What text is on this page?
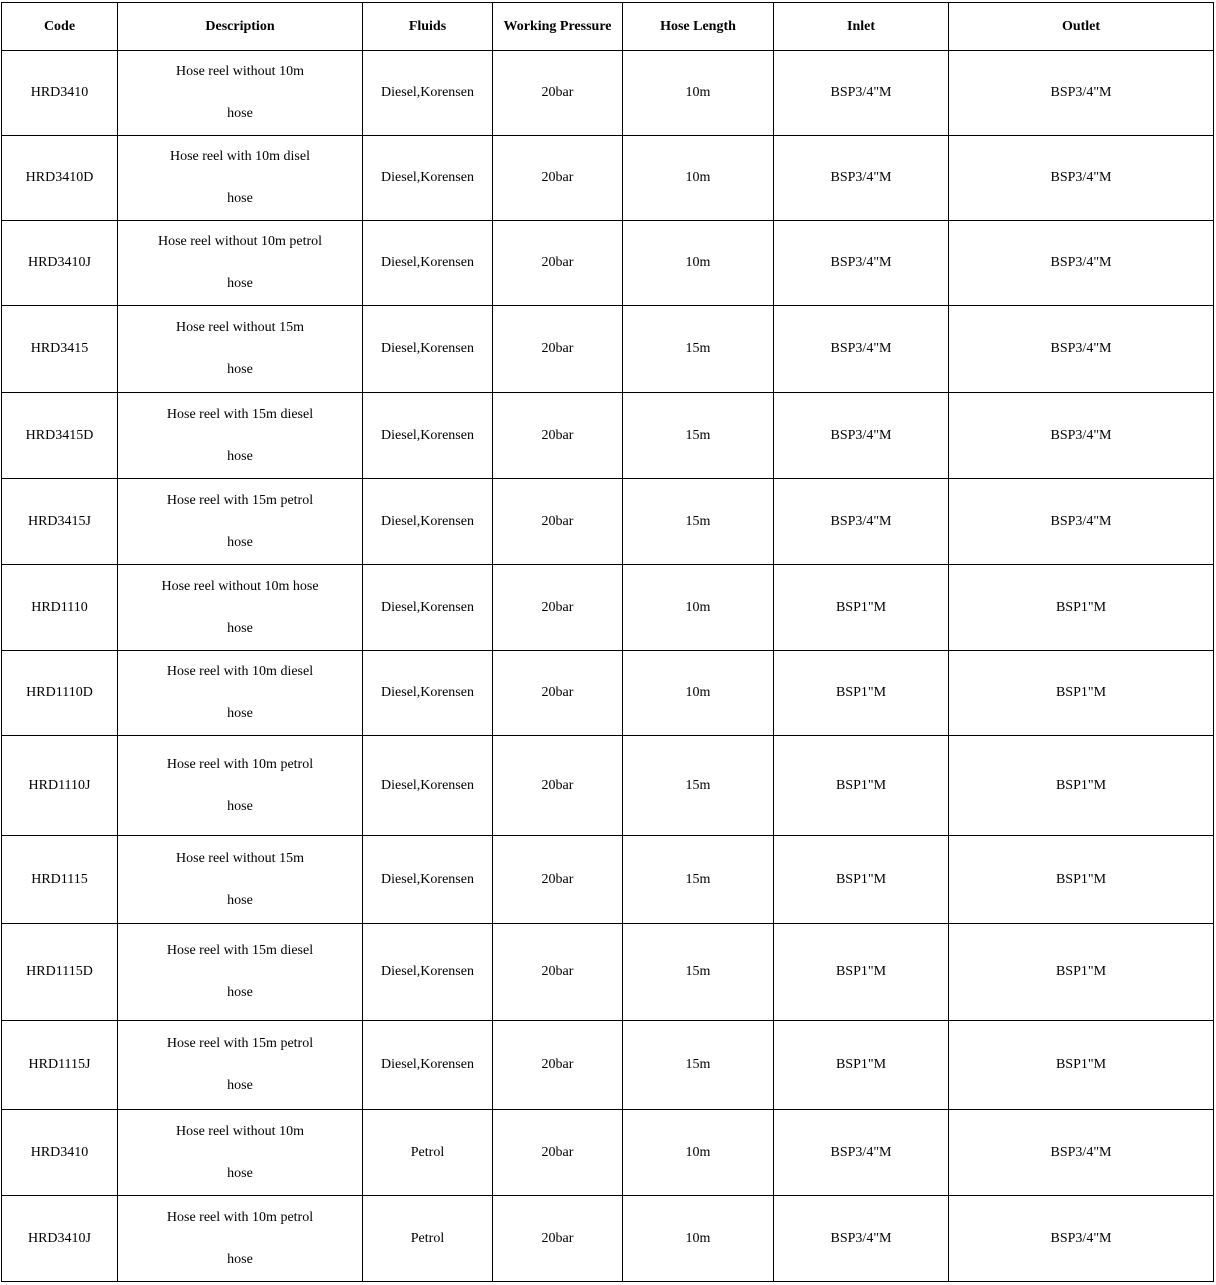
Code	Description	Fluids	Working Pressure	Hose Length	Inlet	Outlet
HRD3410	Hose reel without 10m
hose	Diesel,Korensen	20bar	10m	BSP3/4"M	BSP3/4"M
HRD3410D	Hose reel with 10m disel
hose	Diesel,Korensen	20bar	10m	BSP3/4"M	BSP3/4"M
HRD3410J	Hose reel without 10m petrol
hose	Diesel,Korensen	20bar	10m	BSP3/4"M	BSP3/4"M
HRD3415	Hose reel without 15m
hose	Diesel,Korensen	20bar	15m	BSP3/4"M	BSP3/4"M
HRD3415D	Hose reel with 15m diesel
hose	Diesel,Korensen	20bar	15m	BSP3/4"M	BSP3/4"M
HRD3415J	Hose reel with 15m petrol
hose	Diesel,Korensen	20bar	15m	BSP3/4"M	BSP3/4"M
HRD1110	Hose reel without 10m hose
hose	Diesel,Korensen	20bar	10m	BSP1"M	BSP1"M
HRD1110D	Hose reel with 10m diesel
hose	Diesel,Korensen	20bar	10m	BSP1"M	BSP1"M
HRD1110J	Hose reel with 10m petrol
hose	Diesel,Korensen	20bar	15m	BSP1"M	BSP1"M
HRD1115	Hose reel without 15m
hose	Diesel,Korensen	20bar	15m	BSP1"M	BSP1"M
HRD1115D	Hose reel with 15m diesel
hose	Diesel,Korensen	20bar	15m	BSP1"M	BSP1"M
HRD1115J	Hose reel with 15m petrol
hose	Diesel,Korensen	20bar	15m	BSP1"M	BSP1"M
HRD3410	Hose reel without 10m
hose	Petrol	20bar	10m	BSP3/4"M	BSP3/4"M
HRD3410J	Hose reel with 10m petrol
hose	Petrol	20bar	10m	BSP3/4"M	BSP3/4"M
